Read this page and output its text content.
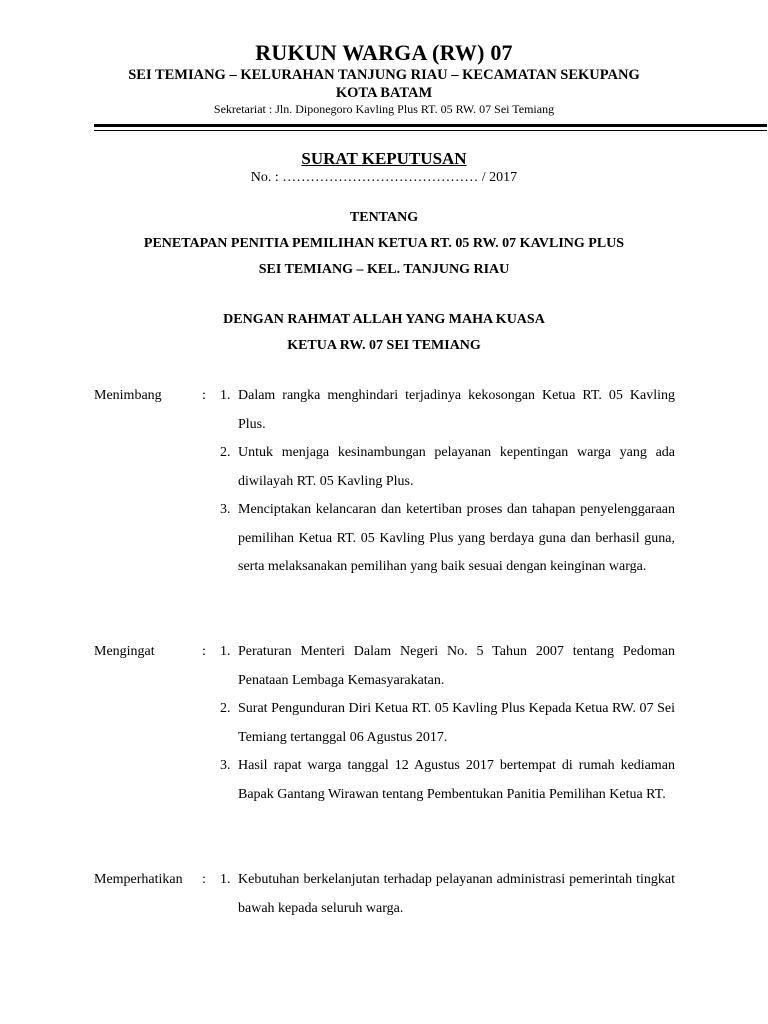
RUKUN WARGA (RW) 07
SEI TEMIANG – KELURAHAN TANJUNG RIAU – KECAMATAN SEKUPANG
KOTA BATAM
Sekretariat : Jln. Diponegoro Kavling Plus RT. 05 RW. 07 Sei Temiang
SURAT KEPUTUSAN
No. : …………………………………… / 2017
TENTANG
PENETAPAN PENITIA PEMILIHAN KETUA RT. 05 RW. 07 KAVLING PLUS
SEI TEMIANG – KEL. TANJUNG RIAU
DENGAN RAHMAT ALLAH YANG MAHA KUASA
KETUA RW. 07 SEI TEMIANG
Menimbang	: 1. Dalam rangka menghindari terjadinya kekosongan Ketua RT. 05 Kavling Plus.
2. Untuk menjaga kesinambungan pelayanan kepentingan warga yang ada diwilayah RT. 05 Kavling Plus.
3. Menciptakan kelancaran dan ketertiban proses dan tahapan penyelenggaraan pemilihan Ketua RT. 05 Kavling Plus yang berdaya guna dan berhasil guna, serta melaksanakan pemilihan yang baik sesuai dengan keinginan warga.
Mengingat	: 1. Peraturan Menteri Dalam Negeri No. 5 Tahun 2007 tentang Pedoman Penataan Lembaga Kemasyarakatan.
2. Surat Pengunduran Diri Ketua RT. 05 Kavling Plus Kepada Ketua RW. 07 Sei Temiang tertanggal 06 Agustus 2017.
3. Hasil rapat warga tanggal 12 Agustus 2017 bertempat di rumah kediaman Bapak Gantang Wirawan tentang Pembentukan Panitia Pemilihan Ketua RT.
Memperhatikan	: 1. Kebutuhan berkelanjutan terhadap pelayanan administrasi pemerintah tingkat bawah kepada seluruh warga.
